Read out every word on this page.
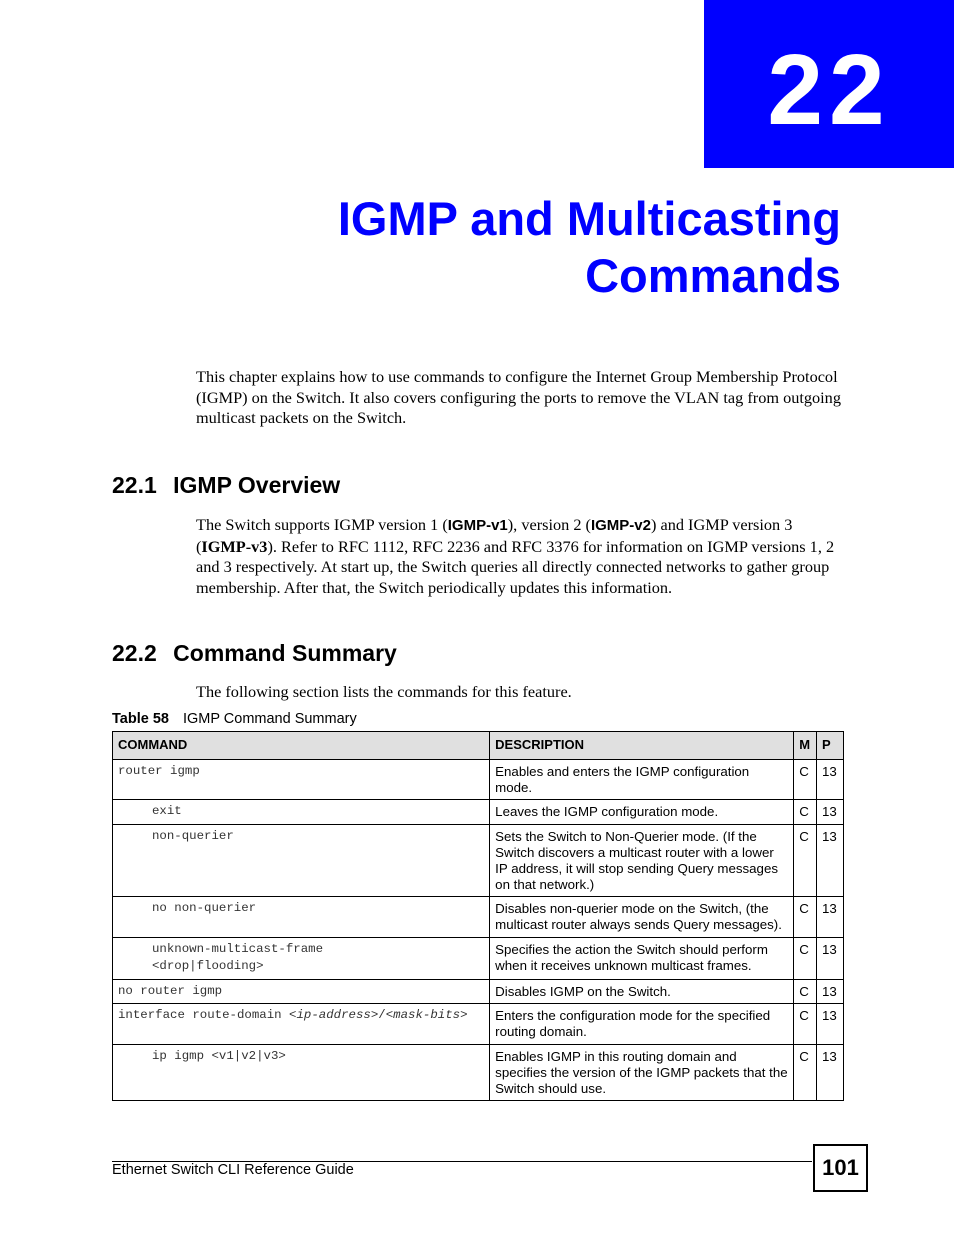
22
IGMP and Multicasting
Commands
This chapter explains how to use commands to configure the Internet Group Membership Protocol (IGMP) on the Switch. It also covers configuring the ports to remove the VLAN tag from outgoing multicast packets on the Switch.
22.1 IGMP Overview
The Switch supports IGMP version 1 (IGMP-v1), version 2 (IGMP-v2) and IGMP version 3 (IGMP-v3). Refer to RFC 1112, RFC 2236 and RFC 3376 for information on IGMP versions 1, 2 and 3 respectively. At start up, the Switch queries all directly connected networks to gather group membership. After that, the Switch periodically updates this information.
22.2 Command Summary
The following section lists the commands for this feature.
Table 58 IGMP Command Summary
COMMAND	DESCRIPTION	M	P
router igmp	Enables and enters the IGMP configuration mode.	C	13
exit	Leaves the IGMP configuration mode.	C	13
non-querier	Sets the Switch to Non-Querier mode. (If the Switch discovers a multicast router with a lower IP address, it will stop sending Query messages on that network.)	C	13
no non-querier	Disables non-querier mode on the Switch, (the multicast router always sends Query messages).	C	13

unknown-multicast-frame
<drop|flooding>	Specifies the action the Switch should perform when it receives unknown multicast frames.	C	13
no router igmp	Disables IGMP on the Switch.	C	13
interface route-domain <ip-address>/<mask-bits>	Enters the configuration mode for the specified routing domain.	C	13
ip igmp <v1|v2|v3>	Enables IGMP in this routing domain and specifies the version of the IGMP packets that the Switch should use.	C	13
Ethernet Switch CLI Reference Guide	101
